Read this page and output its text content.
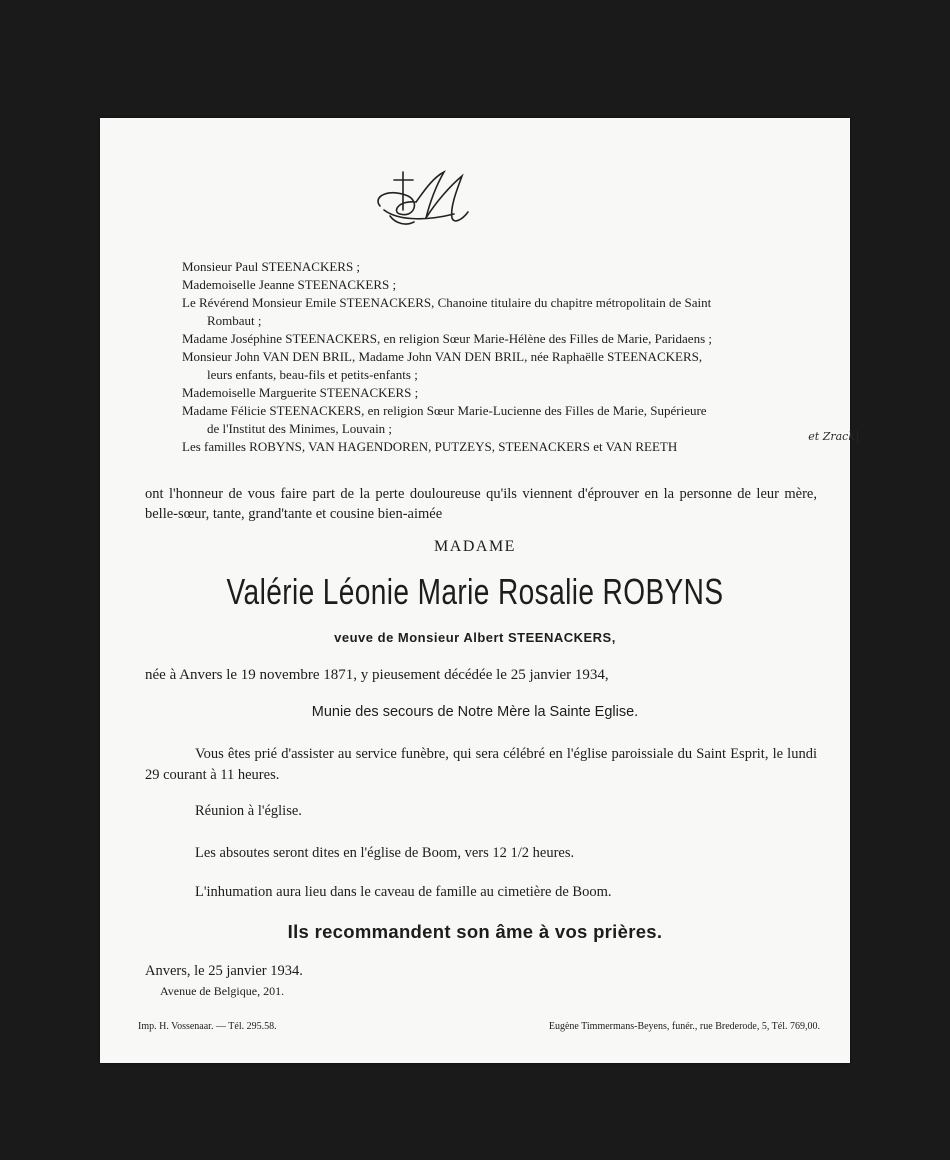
Monsieur Paul STEENACKERS ;
Mademoiselle Jeanne STEENACKERS ;
Le Révérend Monsieur Emile STEENACKERS, Chanoine titulaire du chapitre métropolitain de Saint
Rombaut ;
Madame Joséphine STEENACKERS, en religion Sœur Marie-Hélène des Filles de Marie, Paridaens ;
Monsieur John VAN DEN BRIL, Madame John VAN DEN BRIL, née Raphaëlle STEENACKERS,
leurs enfants, beau-fils et petits-enfants ;
Mademoiselle Marguerite STEENACKERS ;
Madame Félicie STEENACKERS, en religion Sœur Marie-Lucienne des Filles de Marie, Supérieure
de l'Institut des Minimes, Louvain ;
Les familles ROBYNS, VAN HAGENDOREN, PUTZEYS, STEENACKERS et VAN REETH
et Zrack
ont l'honneur de vous faire part de la perte douloureuse qu'ils viennent d'éprouver en la personne de leur mère, belle-sœur, tante, grand'tante et cousine bien-aimée
MADAME
Valérie Léonie Marie Rosalie ROBYNS
veuve de Monsieur Albert STEENACKERS,
née à Anvers le 19 novembre 1871, y pieusement décédée le 25 janvier 1934,
Munie des secours de Notre Mère la Sainte Eglise.
Vous êtes prié d'assister au service funèbre, qui sera célébré en l'église paroissiale du Saint Esprit, le lundi 29 courant à 11 heures.
Réunion à l'église.
Les absoutes seront dites en l'église de Boom, vers 12 1/2 heures.
L'inhumation aura lieu dans le caveau de famille au cimetière de Boom.
Ils recommandent son âme à vos prières.
Anvers, le 25 janvier 1934.
Avenue de Belgique, 201.
Imp. H. Vossenaar. — Tél. 295.58.	Eugène Timmermans-Beyens, funér., rue Brederode, 5, Tél. 769,00.
